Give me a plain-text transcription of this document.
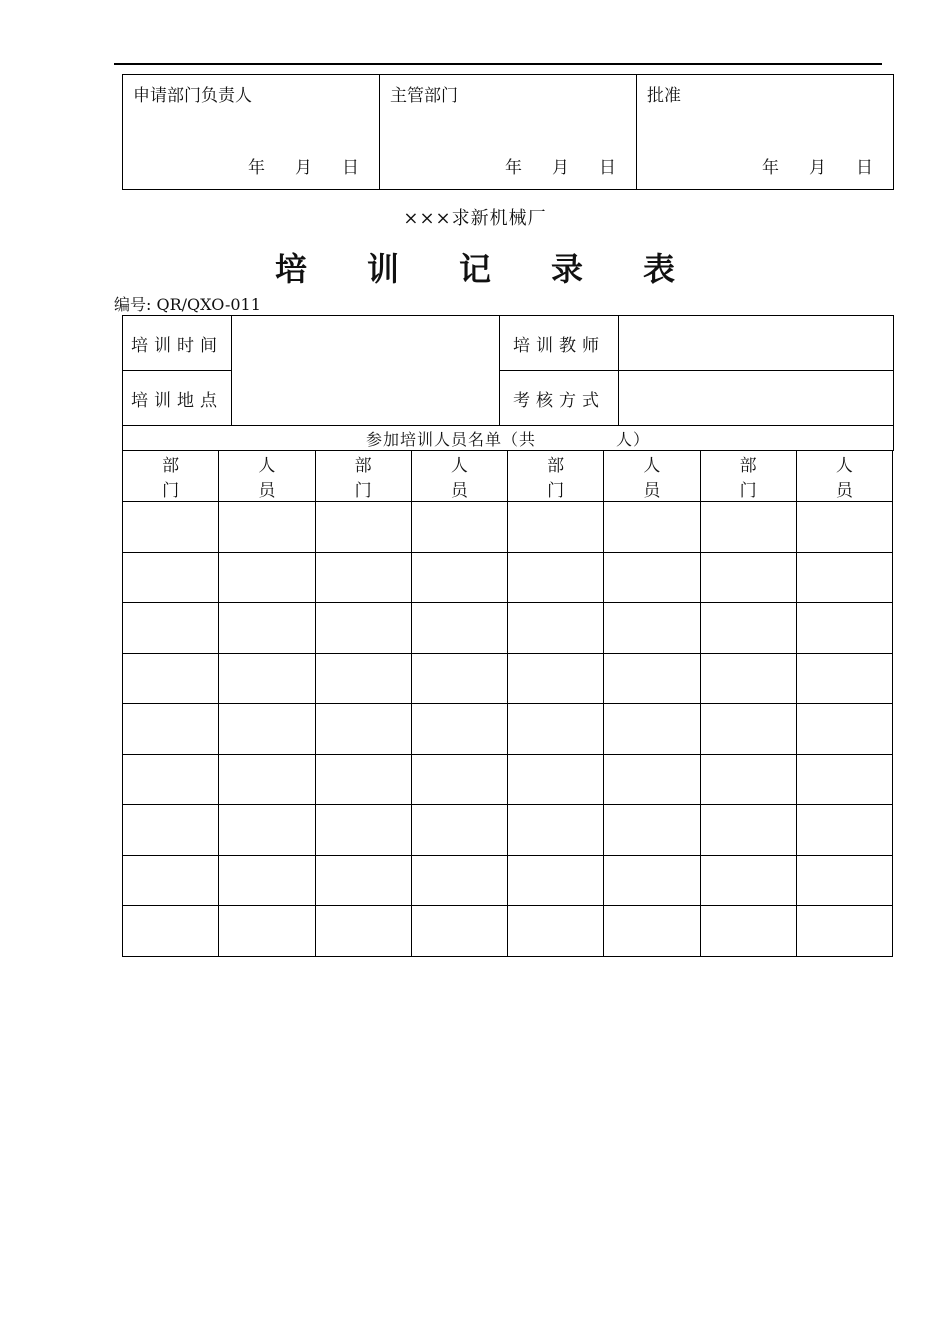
申请部门负责人
年 月 日

主管部门
年 月 日

批准
年 月 日
×××求新机械厂
培训记录表
编号: QR/QXO-011
培训时间		培训教师	
培训地点		考核方式	
参加培训人员名单（共 人）			
部门	人员	部门	人员	部门	人员	部门	人员
